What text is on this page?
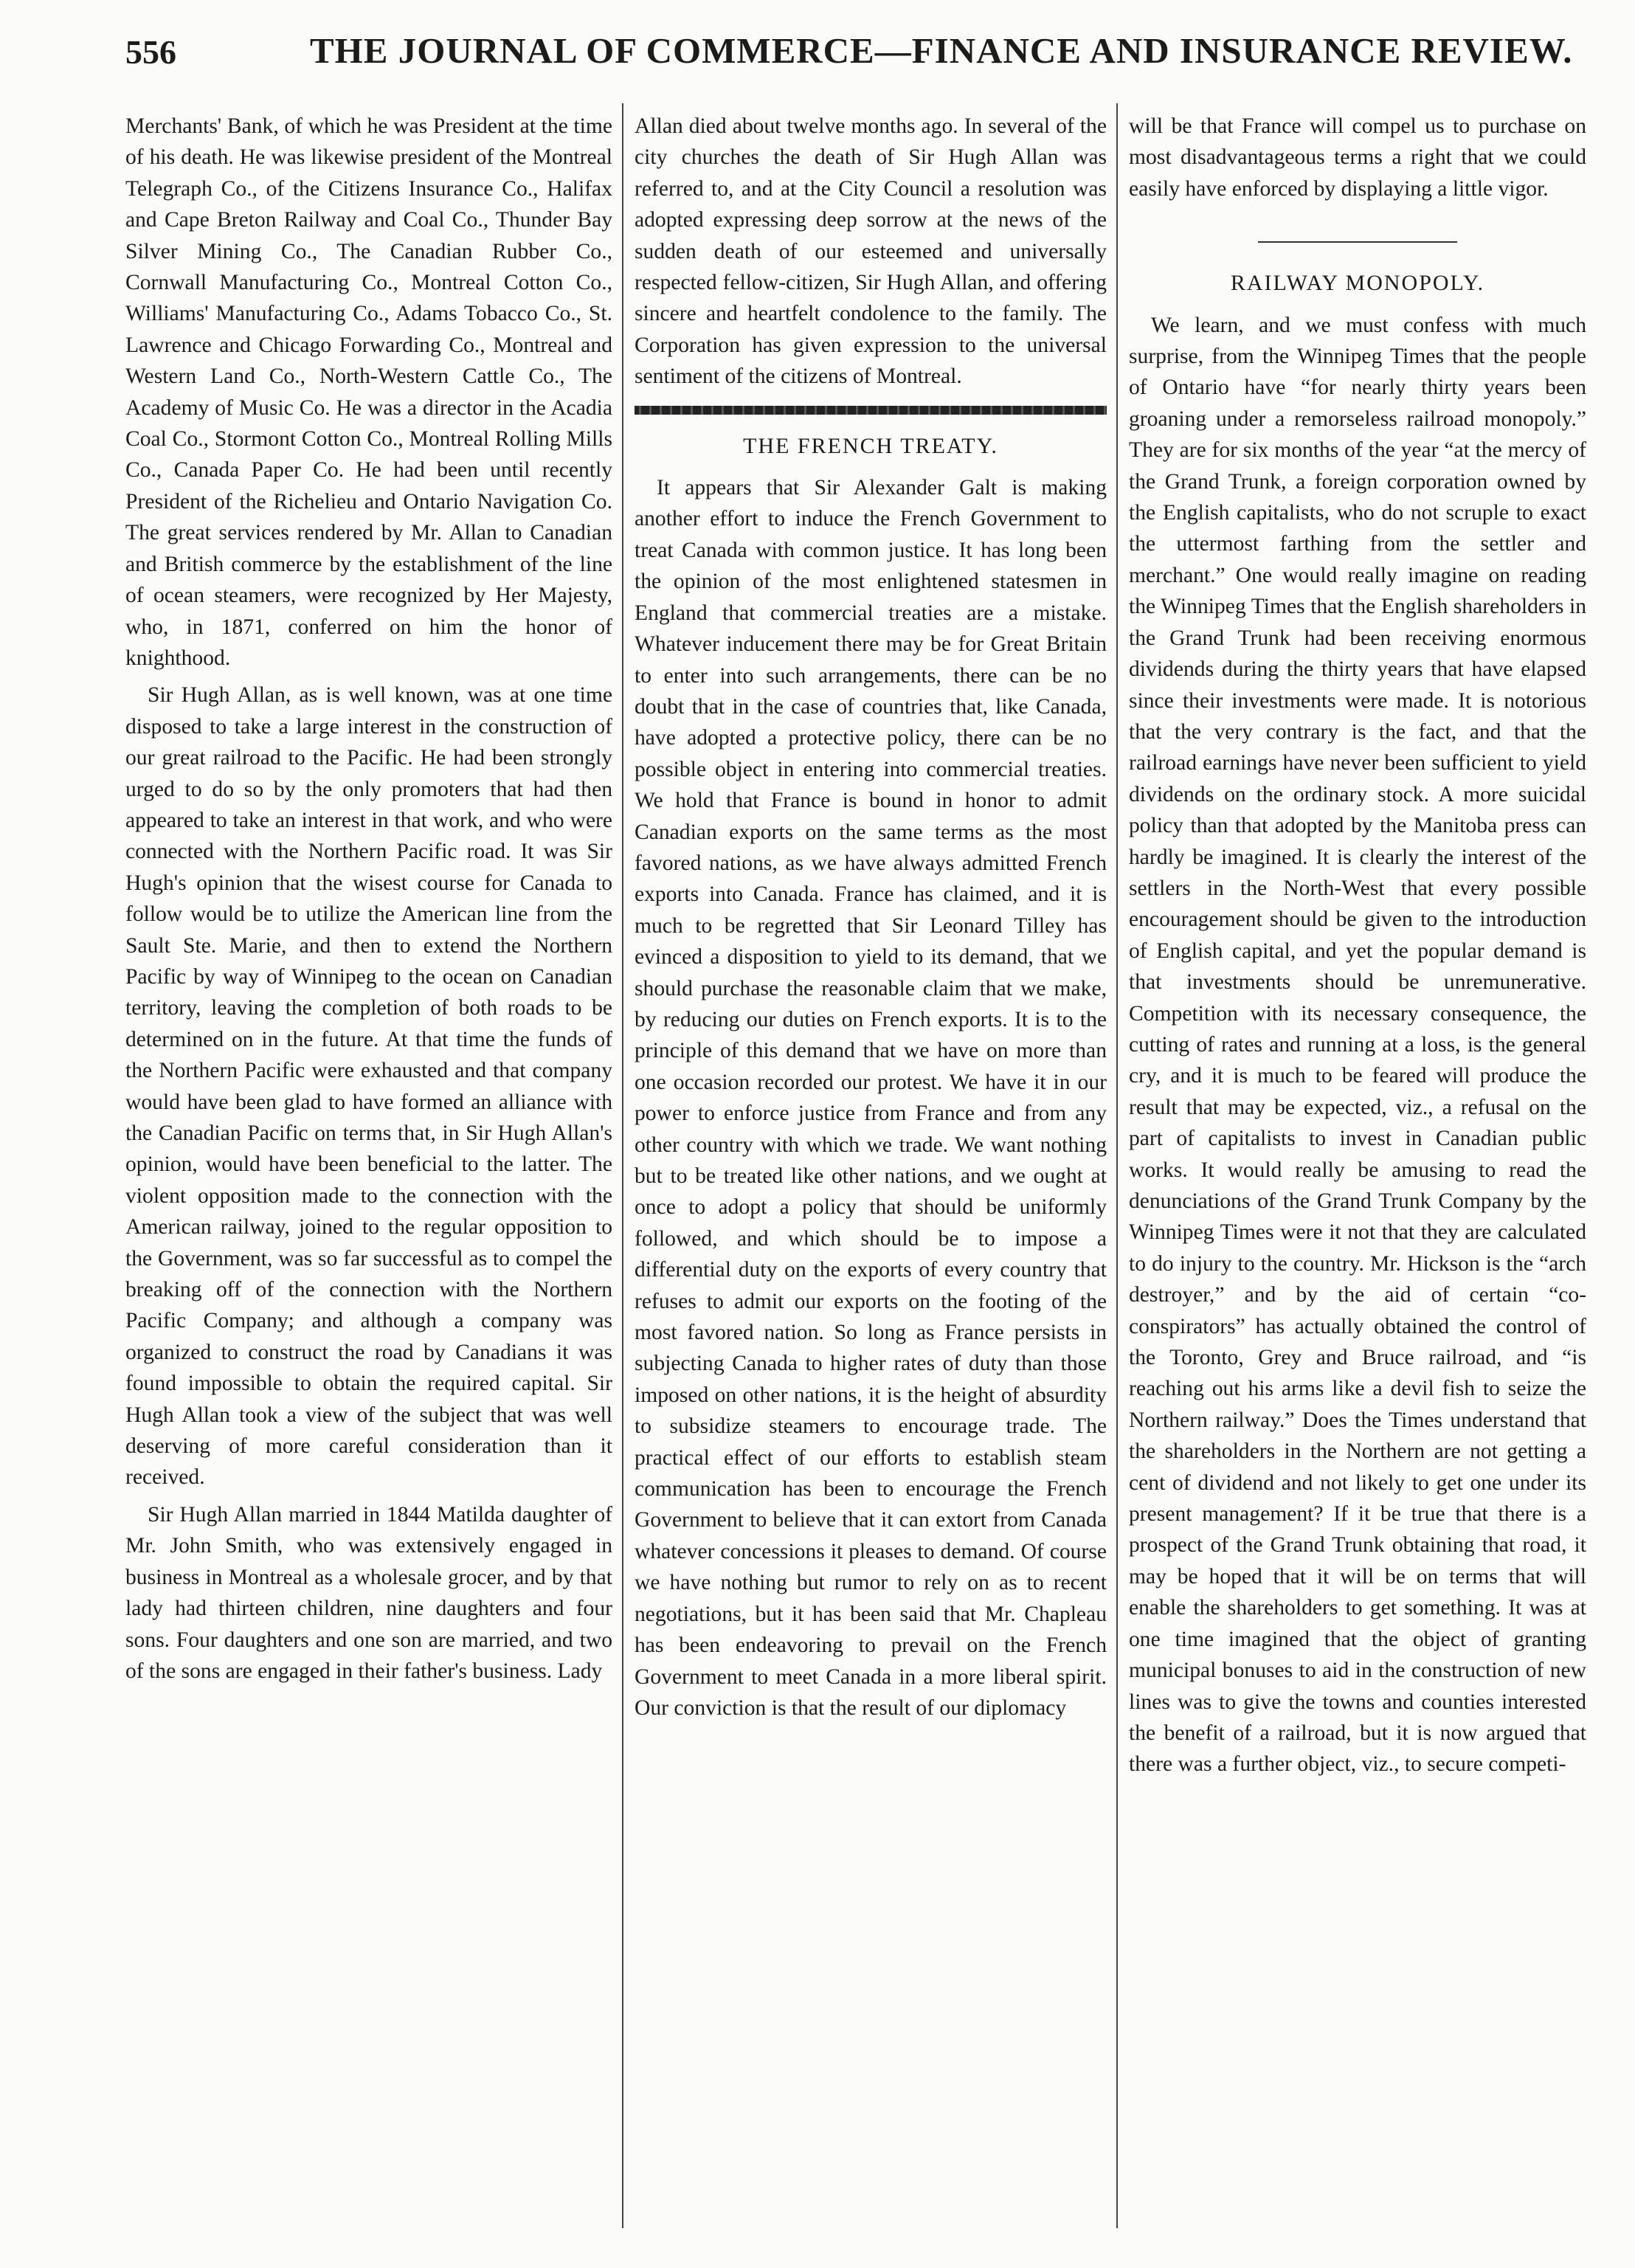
556	THE JOURNAL OF COMMERCE—FINANCE AND INSURANCE REVIEW.

Merchants' Bank, of which he was President at the time of his death. He was likewise president of the Montreal Telegraph Co., of the Citizens Insurance Co., Halifax and Cape Breton Railway and Coal Co., Thunder Bay Silver Mining Co., The Canadian Rubber Co., Cornwall Manufacturing Co., Montreal Cotton Co., Williams' Manufacturing Co., Adams Tobacco Co., St. Lawrence and Chicago Forwarding Co., Montreal and Western Land Co., North-Western Cattle Co., The Academy of Music Co. He was a director in the Acadia Coal Co., Stormont Cotton Co., Montreal Rolling Mills Co., Canada Paper Co. He had been until recently President of the Richelieu and Ontario Navigation Co. The great services rendered by Mr. Allan to Canadian and British commerce by the establishment of the line of ocean steamers, were recognized by Her Majesty, who, in 1871, conferred on him the honor of knighthood.

Sir Hugh Allan, as is well known, was at one time disposed to take a large interest in the construction of our great railroad to the Pacific. He had been strongly urged to do so by the only promoters that had then appeared to take an interest in that work, and who were connected with the Northern Pacific road. It was Sir Hugh's opinion that the wisest course for Canada to follow would be to utilize the American line from the Sault Ste. Marie, and then to extend the Northern Pacific by way of Winnipeg to the ocean on Canadian territory, leaving the completion of both roads to be determined on in the future. At that time the funds of the Northern Pacific were exhausted and that company would have been glad to have formed an alliance with the Canadian Pacific on terms that, in Sir Hugh Allan's opinion, would have been beneficial to the latter. The violent opposition made to the connection with the American railway, joined to the regular opposition to the Government, was so far successful as to compel the breaking off of the connection with the Northern Pacific Company; and although a company was organized to construct the road by Canadians it was found impossible to obtain the required capital. Sir Hugh Allan took a view of the subject that was well deserving of more careful consideration than it received.

Sir Hugh Allan married in 1844 Matilda daughter of Mr. John Smith, who was extensively engaged in business in Montreal as a wholesale grocer, and by that lady had thirteen children, nine daughters and four sons. Four daughters and one son are married, and two of the sons are engaged in their father's business. Lady

Allan died about twelve months ago. In several of the city churches the death of Sir Hugh Allan was referred to, and at the City Council a resolution was adopted expressing deep sorrow at the news of the sudden death of our esteemed and universally respected fellow-citizen, Sir Hugh Allan, and offering sincere and heartfelt condolence to the family. The Corporation has given expression to the universal sentiment of the citizens of Montreal.

THE FRENCH TREATY.

It appears that Sir Alexander Galt is making another effort to induce the French Government to treat Canada with common justice. It has long been the opinion of the most enlightened statesmen in England that commercial treaties are a mistake. Whatever inducement there may be for Great Britain to enter into such arrangements, there can be no doubt that in the case of countries that, like Canada, have adopted a protective policy, there can be no possible object in entering into commercial treaties. We hold that France is bound in honor to admit Canadian exports on the same terms as the most favored nations, as we have always admitted French exports into Canada. France has claimed, and it is much to be regretted that Sir Leonard Tilley has evinced a disposition to yield to its demand, that we should purchase the reasonable claim that we make, by reducing our duties on French exports. It is to the principle of this demand that we have on more than one occasion recorded our protest. We have it in our power to enforce justice from France and from any other country with which we trade. We want nothing but to be treated like other nations, and we ought at once to adopt a policy that should be uniformly followed, and which should be to impose a differential duty on the exports of every country that refuses to admit our exports on the footing of the most favored nation. So long as France persists in subjecting Canada to higher rates of duty than those imposed on other nations, it is the height of absurdity to subsidize steamers to encourage trade. The practical effect of our efforts to establish steam communication has been to encourage the French Government to believe that it can extort from Canada whatever concessions it pleases to demand. Of course we have nothing but rumor to rely on as to recent negotiations, but it has been said that Mr. Chapleau has been endeavoring to prevail on the French Government to meet Canada in a more liberal spirit. Our conviction is that the result of our diplomacy

will be that France will compel us to purchase on most disadvantageous terms a right that we could easily have enforced by displaying a little vigor.

RAILWAY MONOPOLY.

We learn, and we must confess with much surprise, from the Winnipeg Times that the people of Ontario have “for nearly thirty years been groaning under a remorseless railroad monopoly.” They are for six months of the year “at the mercy of the Grand Trunk, a foreign corporation owned by the English capitalists, who do not scruple to exact the uttermost farthing from the settler and merchant.” One would really imagine on reading the Winnipeg Times that the English shareholders in the Grand Trunk had been receiving enormous dividends during the thirty years that have elapsed since their investments were made. It is notorious that the very contrary is the fact, and that the railroad earnings have never been sufficient to yield dividends on the ordinary stock. A more suicidal policy than that adopted by the Manitoba press can hardly be imagined. It is clearly the interest of the settlers in the North-West that every possible encouragement should be given to the introduction of English capital, and yet the popular demand is that investments should be unremunerative. Competition with its necessary consequence, the cutting of rates and running at a loss, is the general cry, and it is much to be feared will produce the result that may be expected, viz., a refusal on the part of capitalists to invest in Canadian public works. It would really be amusing to read the denunciations of the Grand Trunk Company by the Winnipeg Times were it not that they are calculated to do injury to the country. Mr. Hickson is the “arch destroyer,” and by the aid of certain “co-conspirators” has actually obtained the control of the Toronto, Grey and Bruce railroad, and “is reaching out his arms like a devil fish to seize the Northern railway.” Does the Times understand that the shareholders in the Northern are not getting a cent of dividend and not likely to get one under its present management? If it be true that there is a prospect of the Grand Trunk obtaining that road, it may be hoped that it will be on terms that will enable the shareholders to get something. It was at one time imagined that the object of granting municipal bonuses to aid in the construction of new lines was to give the towns and counties interested the benefit of a railroad, but it is now argued that there was a further object, viz., to secure competi-
